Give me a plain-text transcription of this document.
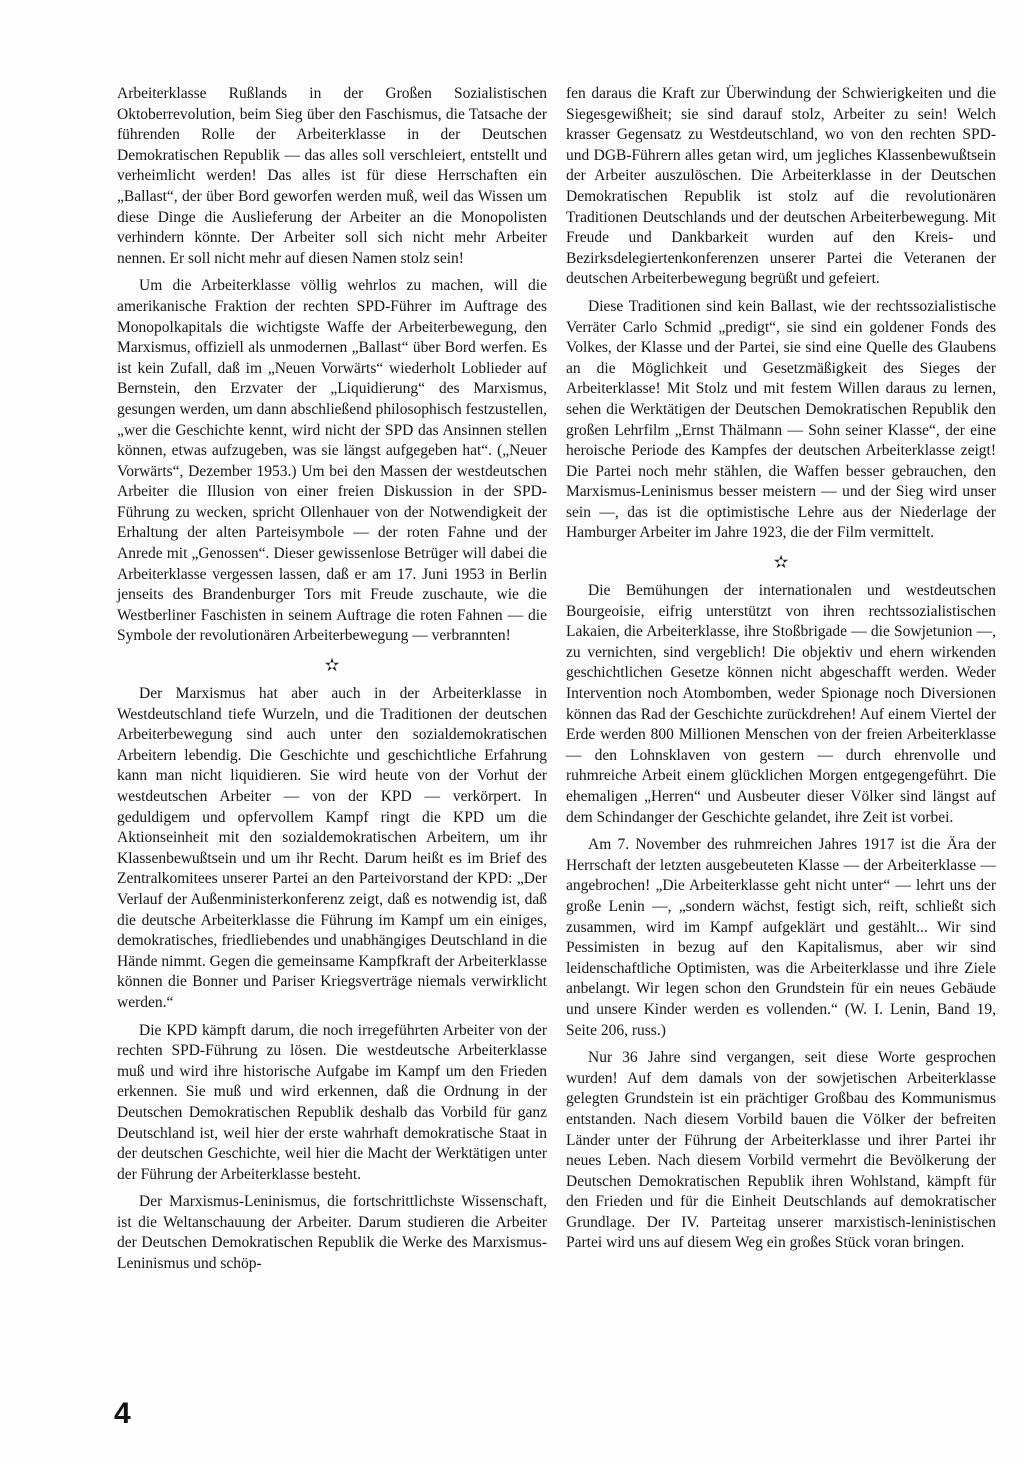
Arbeiterklasse Rußlands in der Großen Sozialistischen Oktoberrevolution, beim Sieg über den Faschismus, die Tatsache der führenden Rolle der Arbeiterklasse in der Deutschen Demokratischen Republik — das alles soll verschleiert, entstellt und verheimlicht werden! Das alles ist für diese Herrschaften ein „Ballast“, der über Bord geworfen werden muß, weil das Wissen um diese Dinge die Auslieferung der Arbeiter an die Monopolisten verhindern könnte. Der Arbeiter soll sich nicht mehr Arbeiter nennen. Er soll nicht mehr auf diesen Namen stolz sein!

Um die Arbeiterklasse völlig wehrlos zu machen, will die amerikanische Fraktion der rechten SPD-Führer im Auftrage des Monopolkapitals die wichtigste Waffe der Arbeiterbewegung, den Marxismus, offiziell als unmodernen „Ballast“ über Bord werfen. Es ist kein Zufall, daß im „Neuen Vorwärts“ wiederholt Loblieder auf Bernstein, den Erzvater der „Liquidierung“ des Marxismus, gesungen werden, um dann abschließend philosophisch festzustellen, „wer die Geschichte kennt, wird nicht der SPD das Ansinnen stellen können, etwas aufzugeben, was sie längst aufgegeben hat“. („Neuer Vorwärts“, Dezember 1953.) Um bei den Massen der westdeutschen Arbeiter die Illusion von einer freien Diskussion in der SPD-Führung zu wecken, spricht Ollenhauer von der Notwendigkeit der Erhaltung der alten Parteisymbole — der roten Fahne und der Anrede mit „Genossen“. Dieser gewissenlose Betrüger will dabei die Arbeiterklasse vergessen lassen, daß er am 17. Juni 1953 in Berlin jenseits des Brandenburger Tors mit Freude zuschaute, wie die Westberliner Faschisten in seinem Auftrage die roten Fahnen — die Symbole der revolutionären Arbeiterbewegung — verbrannten!

✫

Der Marxismus hat aber auch in der Arbeiterklasse in Westdeutschland tiefe Wurzeln, und die Traditionen der deutschen Arbeiterbewegung sind auch unter den sozialdemokratischen Arbeitern lebendig. Die Geschichte und geschichtliche Erfahrung kann man nicht liquidieren. Sie wird heute von der Vorhut der westdeutschen Arbeiter — von der KPD — verkörpert. In geduldigem und opfervollem Kampf ringt die KPD um die Aktionseinheit mit den sozialdemokratischen Arbeitern, um ihr Klassenbewußtsein und um ihr Recht. Darum heißt es im Brief des Zentralkomitees unserer Partei an den Parteivorstand der KPD: „Der Verlauf der Außenministerkonferenz zeigt, daß es notwendig ist, daß die deutsche Arbeiterklasse die Führung im Kampf um ein einiges, demokratisches, friedliebendes und unabhängiges Deutschland in die Hände nimmt. Gegen die gemeinsame Kampfkraft der Arbeiterklasse können die Bonner und Pariser Kriegsverträge niemals verwirklicht werden.“

Die KPD kämpft darum, die noch irregeführten Arbeiter von der rechten SPD-Führung zu lösen. Die westdeutsche Arbeiterklasse muß und wird ihre historische Aufgabe im Kampf um den Frieden erkennen. Sie muß und wird erkennen, daß die Ordnung in der Deutschen Demokratischen Republik deshalb das Vorbild für ganz Deutschland ist, weil hier der erste wahrhaft demokratische Staat in der deutschen Geschichte, weil hier die Macht der Werktätigen unter der Führung der Arbeiterklasse besteht.

Der Marxismus-Leninismus, die fortschrittlichste Wissenschaft, ist die Weltanschauung der Arbeiter. Darum studieren die Arbeiter der Deutschen Demokratischen Republik die Werke des Marxismus-Leninismus und schöp-

fen daraus die Kraft zur Überwindung der Schwierigkeiten und die Siegesgewißheit; sie sind darauf stolz, Arbeiter zu sein! Welch krasser Gegensatz zu Westdeutschland, wo von den rechten SPD- und DGB-Führern alles getan wird, um jegliches Klassenbewußtsein der Arbeiter auszulöschen. Die Arbeiterklasse in der Deutschen Demokratischen Republik ist stolz auf die revolutionären Traditionen Deutschlands und der deutschen Arbeiterbewegung. Mit Freude und Dankbarkeit wurden auf den Kreis- und Bezirksdelegiertenkonferenzen unserer Partei die Veteranen der deutschen Arbeiterbewegung begrüßt und gefeiert.

Diese Traditionen sind kein Ballast, wie der rechtssozialistische Verräter Carlo Schmid „predigt“, sie sind ein goldener Fonds des Volkes, der Klasse und der Partei, sie sind eine Quelle des Glaubens an die Möglichkeit und Gesetzmäßigkeit des Sieges der Arbeiterklasse! Mit Stolz und mit festem Willen daraus zu lernen, sehen die Werktätigen der Deutschen Demokratischen Republik den großen Lehrfilm „Ernst Thälmann — Sohn seiner Klasse“, der eine heroische Periode des Kampfes der deutschen Arbeiterklasse zeigt! Die Partei noch mehr stählen, die Waffen besser gebrauchen, den Marxismus-Leninismus besser meistern — und der Sieg wird unser sein —, das ist die optimistische Lehre aus der Niederlage der Hamburger Arbeiter im Jahre 1923, die der Film vermittelt.

✫

Die Bemühungen der internationalen und westdeutschen Bourgeoisie, eifrig unterstützt von ihren rechtssozialistischen Lakaien, die Arbeiterklasse, ihre Stoßbrigade — die Sowjetunion —, zu vernichten, sind vergeblich! Die objektiv und ehern wirkenden geschichtlichen Gesetze können nicht abgeschafft werden. Weder Intervention noch Atombomben, weder Spionage noch Diversionen können das Rad der Geschichte zurückdrehen! Auf einem Viertel der Erde werden 800 Millionen Menschen von der freien Arbeiterklasse — den Lohnsklaven von gestern — durch ehrenvolle und ruhmreiche Arbeit einem glücklichen Morgen entgegengeführt. Die ehemaligen „Herren“ und Ausbeuter dieser Völker sind längst auf dem Schindanger der Geschichte gelandet, ihre Zeit ist vorbei.

Am 7. November des ruhmreichen Jahres 1917 ist die Ära der Herrschaft der letzten ausgebeuteten Klasse — der Arbeiterklasse — angebrochen! „Die Arbeiterklasse geht nicht unter“ — lehrt uns der große Lenin —, „sondern wächst, festigt sich, reift, schließt sich zusammen, wird im Kampf aufgeklärt und gestählt... Wir sind Pessimisten in bezug auf den Kapitalismus, aber wir sind leidenschaftliche Optimisten, was die Arbeiterklasse und ihre Ziele anbelangt. Wir legen schon den Grundstein für ein neues Gebäude und unsere Kinder werden es vollenden.“ (W. I. Lenin, Band 19, Seite 206, russ.)

Nur 36 Jahre sind vergangen, seit diese Worte gesprochen wurden! Auf dem damals von der sowjetischen Arbeiterklasse gelegten Grundstein ist ein prächtiger Großbau des Kommunismus entstanden. Nach diesem Vorbild bauen die Völker der befreiten Länder unter der Führung der Arbeiterklasse und ihrer Partei ihr neues Leben. Nach diesem Vorbild vermehrt die Bevölkerung der Deutschen Demokratischen Republik ihren Wohlstand, kämpft für den Frieden und für die Einheit Deutschlands auf demokratischer Grundlage. Der IV. Parteitag unserer marxistisch-leninistischen Partei wird uns auf diesem Weg ein großes Stück voran bringen.

4
